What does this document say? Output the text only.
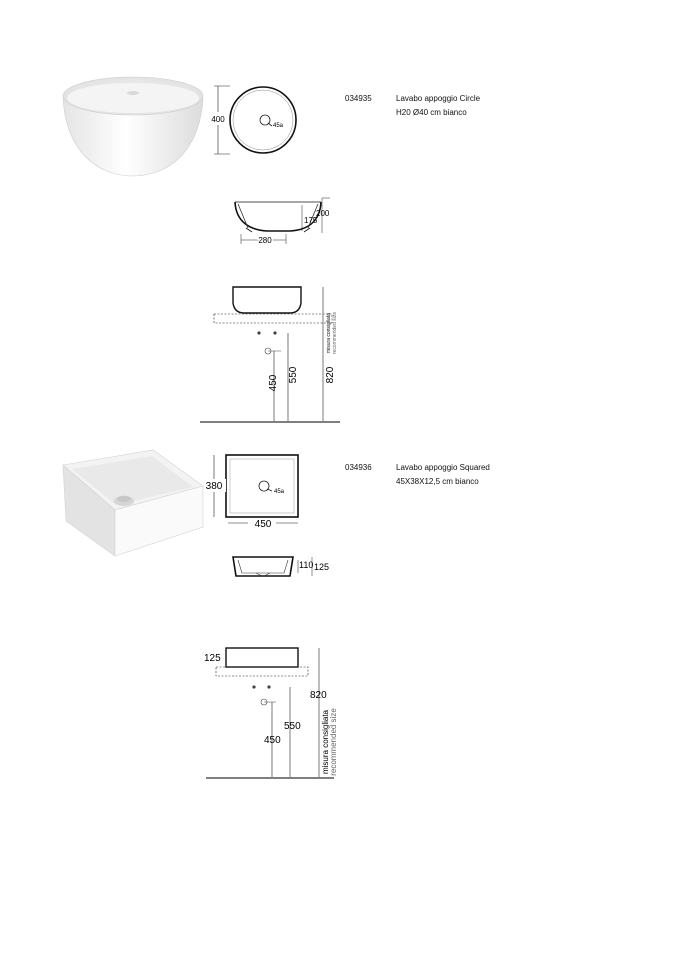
400
45a
034935	Lavabo appoggio Circle
H20 Ø40 cm bianco
280
175
200
450 550	820
misura consigliata recommended size
380
450
45a
034936	Lavabo appoggio Squared
45X38X12,5 cm bianco
110 125
125
450
550
820
misura consigliata recommended size
